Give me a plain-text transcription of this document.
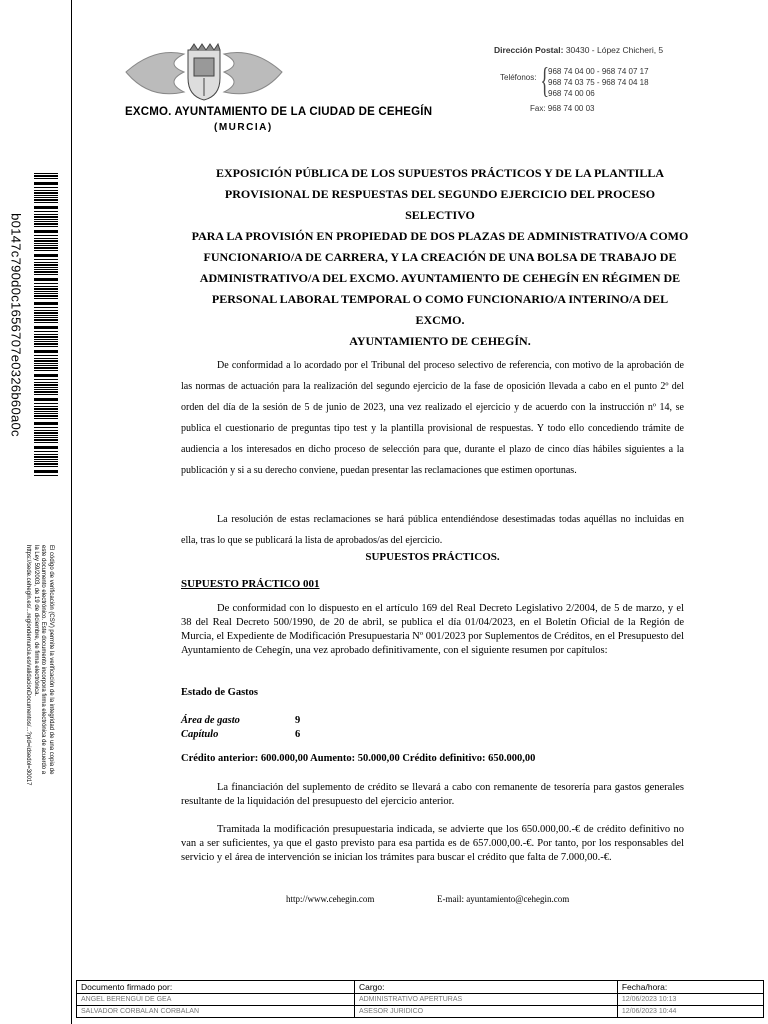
b0147c790d0c1656707e0326b60a0c
El código de verificación (CSV) permite la verificación de la integridad de una copia de
este documento electrónico. Este documento incorpora firma electrónica de acuerdo a
la Ley 59/2003, de 19 de diciembre, de firma electrónica.
https://sede.cehegin.es/...regiondemurcia.es/validacionDocumentos/...?pid=idsedol=30017
EXCMO. AYUNTAMIENTO DE LA CIUDAD DE CEHEGÍN
(MURCIA)
Dirección Postal: 30430 - López Chicheri, 5
Teléfonos: { 968 74 04 00 - 968 74 07 17
968 74 03 75 - 968 74 04 18
968 74 00 06
Fax: 968 74 00 03
EXPOSICIÓN PÚBLICA DE LOS SUPUESTOS PRÁCTICOS Y DE LA PLANTILLA
PROVISIONAL DE RESPUESTAS DEL SEGUNDO EJERCICIO DEL PROCESO SELECTIVO
PARA LA PROVISIÓN EN PROPIEDAD DE DOS PLAZAS DE ADMINISTRATIVO/A COMO
FUNCIONARIO/A DE CARRERA, Y LA CREACIÓN DE UNA BOLSA DE TRABAJO DE
ADMINISTRATIVO/A DEL EXCMO. AYUNTAMIENTO DE CEHEGÍN EN RÉGIMEN DE
PERSONAL LABORAL TEMPORAL O COMO FUNCIONARIO/A INTERINO/A DEL EXCMO.
AYUNTAMIENTO DE CEHEGÍN.
De conformidad a lo acordado por el Tribunal del proceso selectivo de referencia, con motivo de la aprobación de las normas de actuación para la realización del segundo ejercicio de la fase de oposición llevada a cabo en el punto 2º del orden del día de la sesión de 5 de junio de 2023, una vez realizado el ejercicio y de acuerdo con la instrucción nº 14, se publica el cuestionario de preguntas tipo test y la plantilla provisional de respuestas. Y todo ello concediendo trámite de audiencia a los interesados en dicho proceso de selección para que, durante el plazo de cinco días hábiles siguientes a la publicación y si a su derecho conviene, puedan presentar las reclamaciones que estimen oportunas.
La resolución de estas reclamaciones se hará pública entendiéndose desestimadas todas aquéllas no incluidas en ella, tras lo que se publicará la lista de aprobados/as del ejercicio.
SUPUESTOS PRÁCTICOS.
SUPUESTO PRÁCTICO 001
De conformidad con lo dispuesto en el artículo 169 del Real Decreto Legislativo 2/2004, de 5 de marzo, y el 38 del Real Decreto 500/1990, de 20 de abril, se publica el día 01/04/2023, en el Boletín Oficial de la Región de Murcia, el Expediente de Modificación Presupuestaria Nº 001/2023 por Suplementos de Créditos, en el Presupuesto del Ayuntamiento de Cehegín, una vez aprobado definitivamente, con el siguiente resumen por capítulos:
Estado de Gastos
Área de gasto	9
Capítulo	6
Crédito anterior: 600.000,00 Aumento: 50.000,00 Crédito definitivo: 650.000,00
La financiación del suplemento de crédito se llevará a cabo con remanente de tesorería para gastos generales resultante de la liquidación del presupuesto del ejercicio anterior.
Tramitada la modificación presupuestaria indicada, se advierte que los 650.000,00.-€ de crédito definitivo no van a ser suficientes, ya que el gasto previsto para esa partida es de 657.000,00.-€. Por tanto, por los responsables del servicio y el área de intervención se inician los trámites para buscar el crédito que falta de 7.000,00.-€.
http://www.cehegin.com	E-mail: ayuntamiento@cehegin.com
Documento firmado por:	Cargo:	Fecha/hora:
ANGEL BERENGÜI DE GEA	ADMINISTRATIVO APERTURAS	12/06/2023 10:13
SALVADOR CORBALAN CORBALAN	ASESOR JURIDICO	12/06/2023 10:44
